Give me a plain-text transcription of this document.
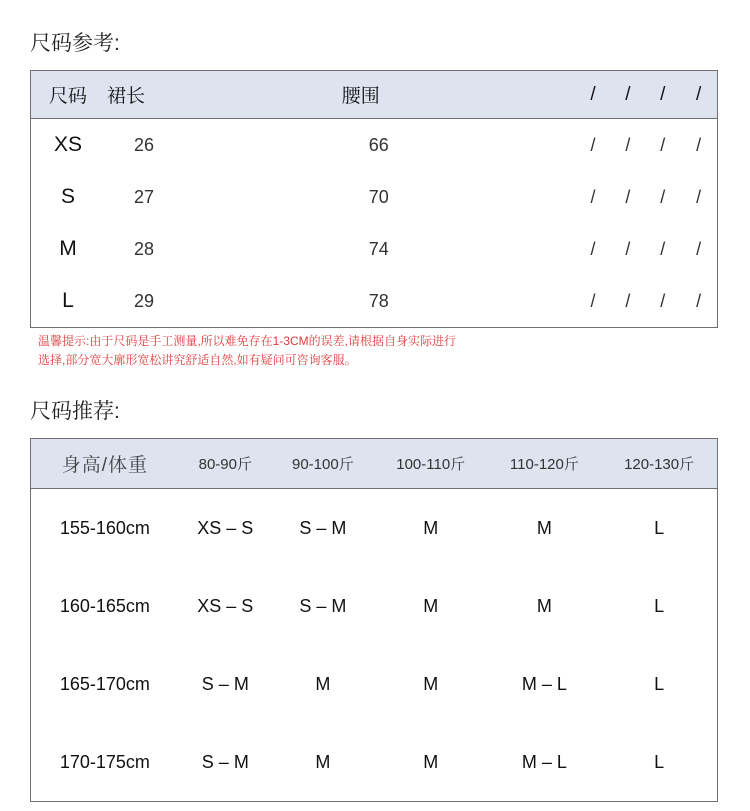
尺码参考:
尺码	裙长	腰围	/	/	/	/
XS	26	66	/	/	/	/
S	27	70	/	/	/	/
M	28	74	/	/	/	/
L	29	78	/	/	/	/
温馨提示:由于尺码是手工测量,所以难免存在1-3CM的误差,请根据自身实际进行
选择,部分宽大廓形宽松讲究舒适自然,如有疑问可咨询客服。
尺码推荐:
身高/体重	80-90斤	90-100斤	100-110斤	110-120斤	120-130斤
155-160cm	XS – S	S – M	M	M	L
160-165cm	XS – S	S – M	M	M	L
165-170cm	S – M	M	M	M – L	L
170-175cm	S – M	M	M	M – L	L
